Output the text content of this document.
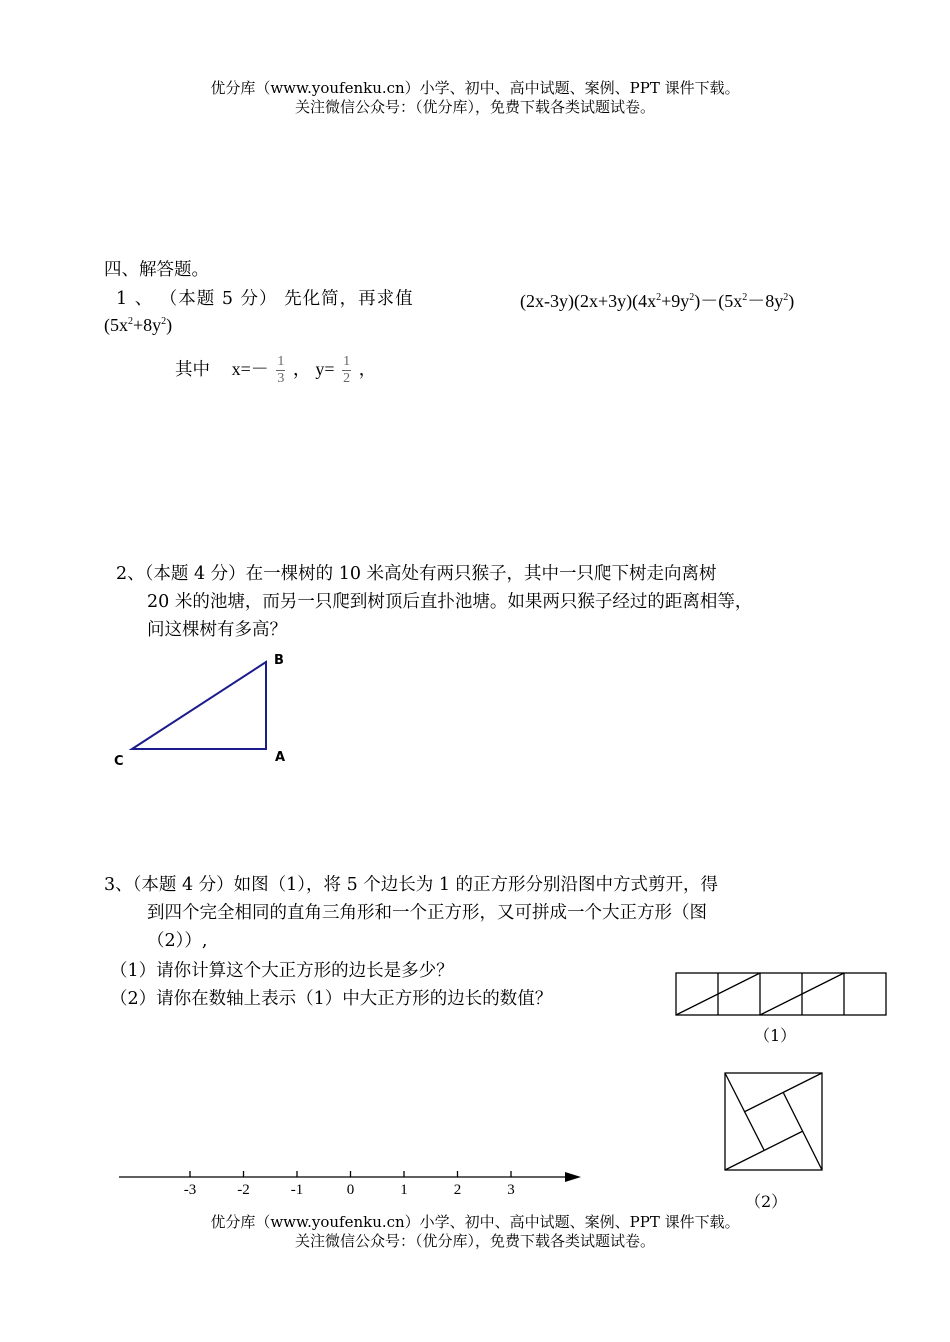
优分库（www.youfenku.cn）小学、初中、高中试题、案例、PPT 课件下载。
关注微信公众号：（优分库），免费下载各类试题试卷。
四、解答题。
1 、 （本题 5 分） 先化简，再求值	$(2x-3y)(2x+3y)(4x^2+9y^2)-(5x^2-8y^2)$
$(5x^2+8y^2)$
其中 $x=- \frac{1}{3}$ ， $y= \frac{1}{2}$ ，
2、（本题 4 分）在一棵树的 10 米高处有两只猴子，其中一只爬下树走向离树
20 米的池塘，而另一只爬到树顶后直扑池塘。如果两只猴子经过的距离相等，
问这棵树有多高？
B
A
C
3、（本题 4 分）如图（1），将 5 个边长为 1 的正方形分别沿图中方式剪开，得
到四个完全相同的直角三角形和一个正方形，又可拼成一个大正方形（图
（2））,
（1）请你计算这个大正方形的边长是多少？
（2）请你在数轴上表示（1）中大正方形的边长的数值？
（1）
（2）
-3	-2	-1	0	1	2	3
优分库（www.youfenku.cn）小学、初中、高中试题、案例、PPT 课件下载。
关注微信公众号：（优分库），免费下载各类试题试卷。
